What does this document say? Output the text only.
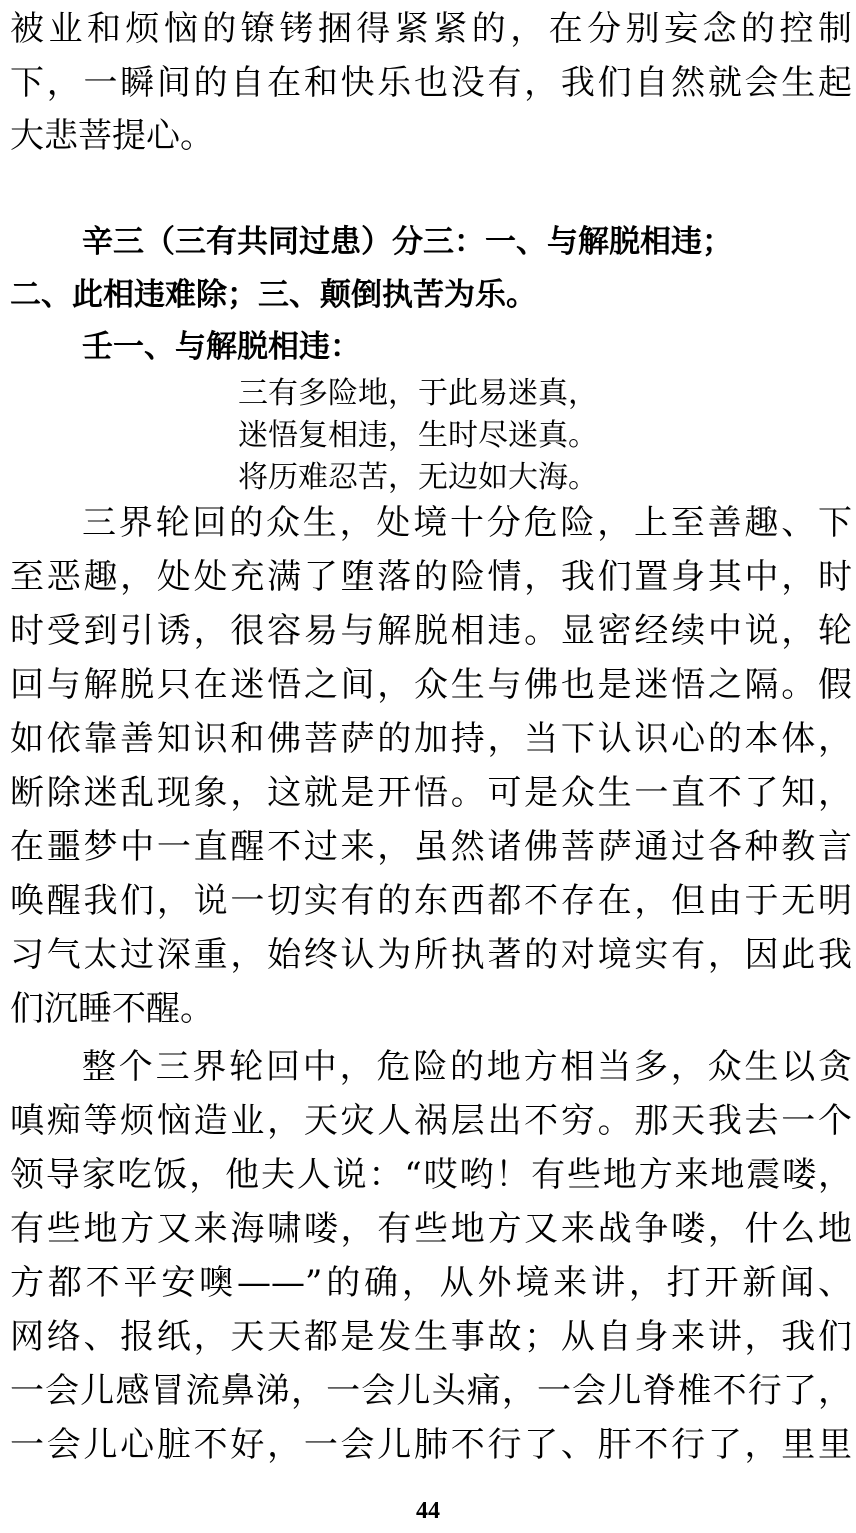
被业和烦恼的镣铐捆得紧紧的，在分别妄念的控制
下，一瞬间的自在和快乐也没有，我们自然就会生起
大悲菩提心。
辛三（三有共同过患）分三：一、与解脱相违；
二、此相违难除；三、颠倒执苦为乐。
壬一、与解脱相违：
三有多险地，于此易迷真，
迷悟复相违，生时尽迷真。
将历难忍苦，无边如大海。
三界轮回的众生，处境十分危险，上至善趣、下
至恶趣，处处充满了堕落的险情，我们置身其中，时
时受到引诱，很容易与解脱相违。显密经续中说，轮
回与解脱只在迷悟之间，众生与佛也是迷悟之隔。假
如依靠善知识和佛菩萨的加持，当下认识心的本体，
断除迷乱现象，这就是开悟。可是众生一直不了知，
在噩梦中一直醒不过来，虽然诸佛菩萨通过各种教言
唤醒我们，说一切实有的东西都不存在，但由于无明
习气太过深重，始终认为所执著的对境实有，因此我
们沉睡不醒。
整个三界轮回中，危险的地方相当多，众生以贪
嗔痴等烦恼造业，天灾人祸层出不穷。那天我去一个
领导家吃饭，他夫人说：“哎哟！有些地方来地震喽，
有些地方又来海啸喽，有些地方又来战争喽，什么地
方都不平安噢——”的确，从外境来讲，打开新闻、
网络、报纸，天天都是发生事故；从自身来讲，我们
一会儿感冒流鼻涕，一会儿头痛，一会儿脊椎不行了，
一会儿心脏不好，一会儿肺不行了、肝不行了，里里
44
